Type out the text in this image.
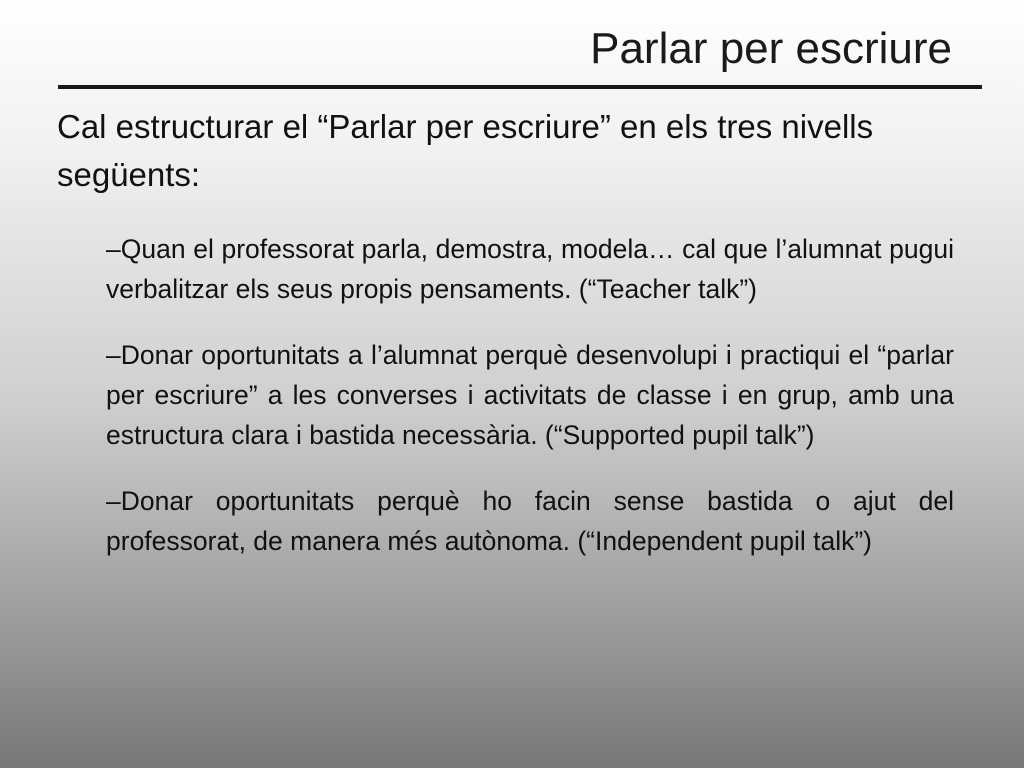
Parlar per escriure
Cal estructurar el “Parlar per escriure” en els tres nivells següents:

–Quan el professorat parla, demostra, modela… cal que l’alumnat pugui verbalitzar els seus propis pensaments. (“Teacher talk”)

–Donar oportunitats a l’alumnat perquè desenvolupi i practiqui el “parlar per escriure” a les converses i activitats de classe i en grup, amb una estructura clara i bastida necessària. (“Supported pupil talk”)

–Donar oportunitats perquè ho facin sense bastida o ajut del professorat, de manera més autònoma. (“Independent pupil talk”)
